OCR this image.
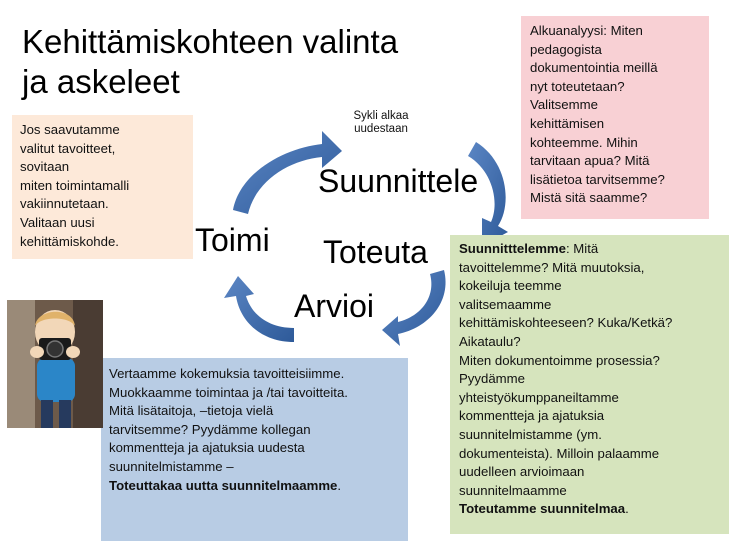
Kehittämiskohteen valinta
ja askeleet
Sykli alkaa
uudestaan
Suunnittele
Toteuta
Arvioi
Toimi
Jos saavutamme
valitut tavoitteet,
sovitaan
miten toimintamalli
vakiinnutetaan.
Valitaan uusi
kehittämiskohde.
Alkuanalyysi: Miten
pedagogista
dokumentointia meillä
nyt toteutetaan?
Valitsemme
kehittämisen
kohteemme. Mihin
tarvitaan apua? Mitä
lisätietoa tarvitsemme?
Mistä sitä saamme?
Suunnitttelemme: Mitä
tavoittelemme? Mitä muutoksia,
kokeiluja teemme
valitsemaamme
kehittämiskohteeseen? Kuka/Ketkä?
Aikataulu?
Miten dokumentoimme prosessia?
Pyydämme
yhteistyökumppaneiltamme
kommentteja ja ajatuksia
suunnitelmistamme (ym.
dokumenteista). Milloin palaamme
uudelleen arvioimaan
suunnitelmaamme
Toteutamme suunnitelmaa.
Vertaamme kokemuksia tavoitteisiimme.
Muokkaamme toimintaa ja /tai tavoitteita.
Mitä lisätaitoja, –tietoja vielä
tarvitsemme? Pyydämme kollegan
kommentteja ja ajatuksia uudesta
suunnitelmistamme –
Toteuttakaa uutta suunnitelmaamme.
